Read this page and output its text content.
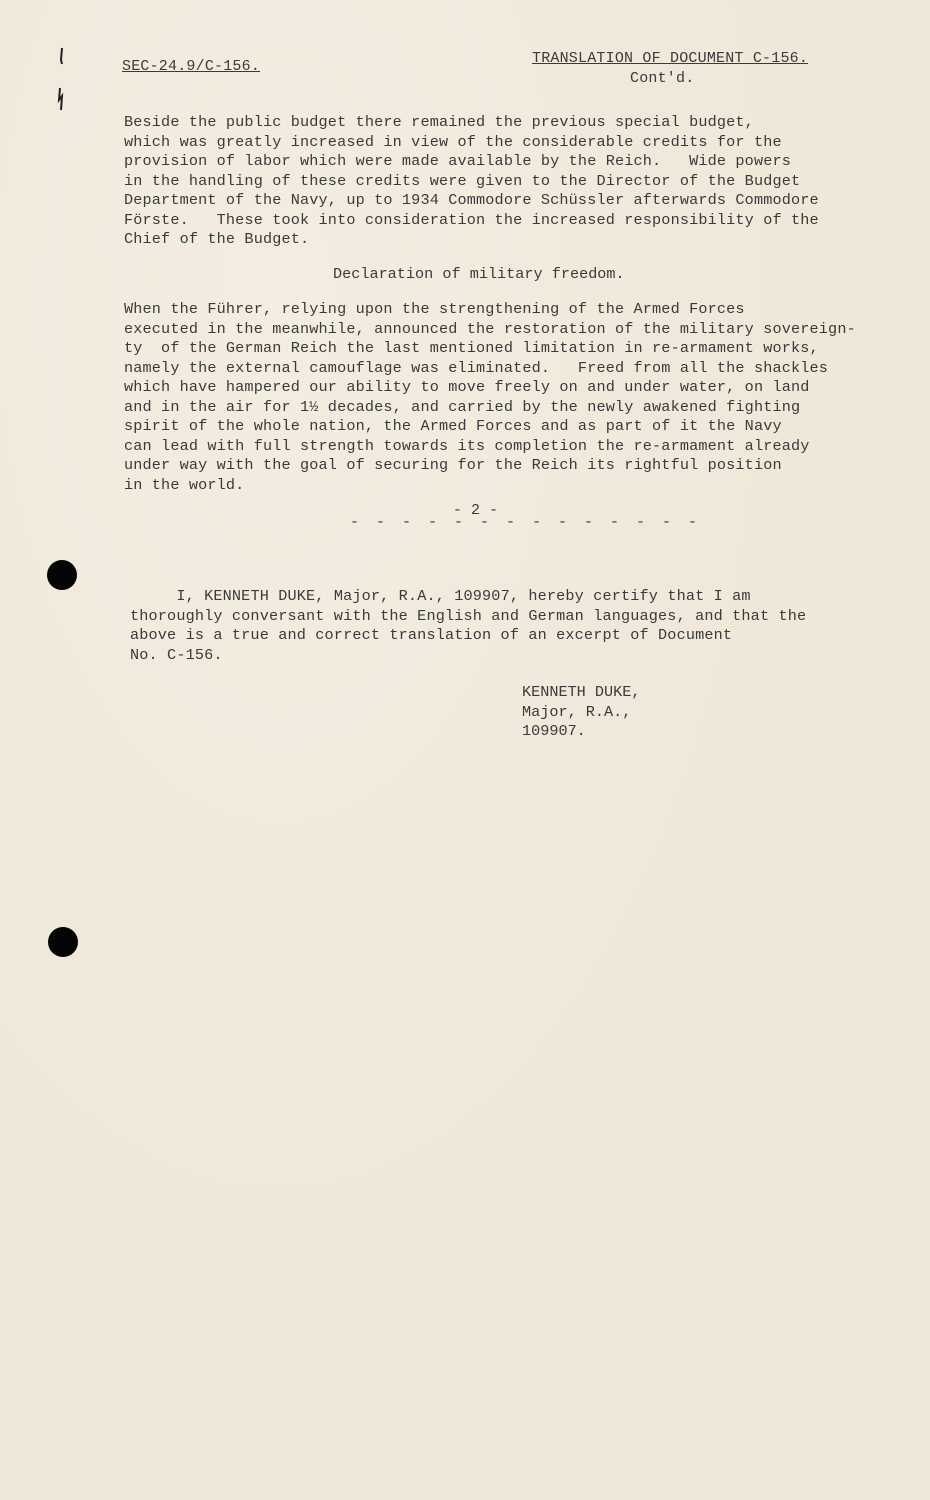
SEC-24.9/C-156.	TRANSLATION OF DOCUMENT C-156.
Cont'd.

Beside the public budget there remained the previous special budget,
which was greatly increased in view of the considerable credits for the
provision of labor which were made available by the Reich.   Wide powers
in the handling of these credits were given to the Director of the Budget
Department of the Navy, up to 1934 Commodore Schüssler afterwards Commodore
Förste.   These took into consideration the increased responsibility of the
Chief of the Budget.

Declaration of military freedom.

When the Führer, relying upon the strengthening of the Armed Forces
executed in the meanwhile, announced the restoration of the military sovereign-
ty  of the German Reich the last mentioned limitation in re-armament works,
namely the external camouflage was eliminated.   Freed from all the shackles
which have hampered our ability to move freely on and under water, on land
and in the air for 1½ decades, and carried by the newly awakened fighting
spirit of the whole nation, the Armed Forces and as part of it the Navy
can lead with full strength towards its completion the re-armament already
under way with the goal of securing for the Reich its rightful position
in the world.

- 2 -
- - - - - - - - - - - - - -

I, KENNETH DUKE, Major, R.A., 109907, hereby certify that I am
thoroughly conversant with the English and German languages, and that the
above is a true and correct translation of an excerpt of Document
No. C-156.

KENNETH DUKE,
Major, R.A.,
109907.
